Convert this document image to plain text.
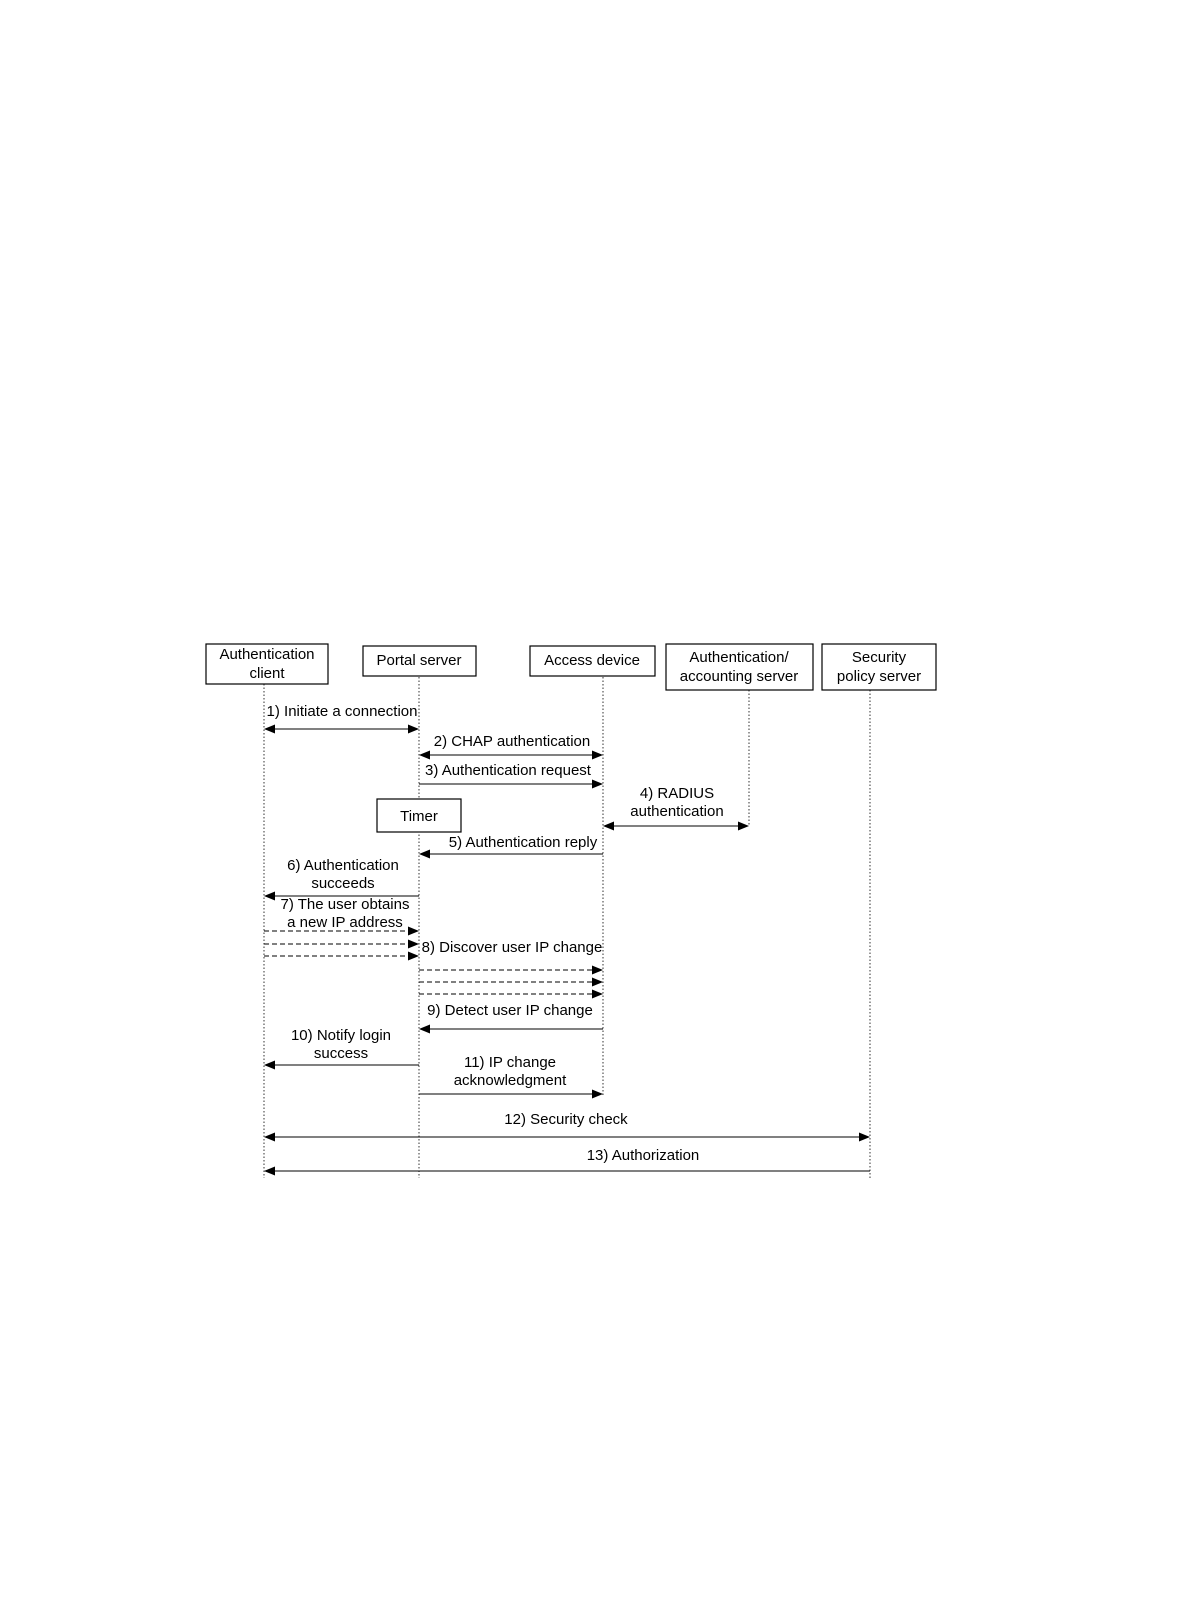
Authentication
client
Portal server	Access device	Authentication/
accounting server
Security
policy server
Timer
1) Initiate a connection
2) CHAP authentication
3) Authentication request
4) RADIUS
authentication
5) Authentication reply
6) Authentication
succeeds
7) The user obtains
a new IP address
8) Discover user IP change
9) Detect user IP change
10) Notify login
success
11) IP change
acknowledgment
12) Security check
13) Authorization
